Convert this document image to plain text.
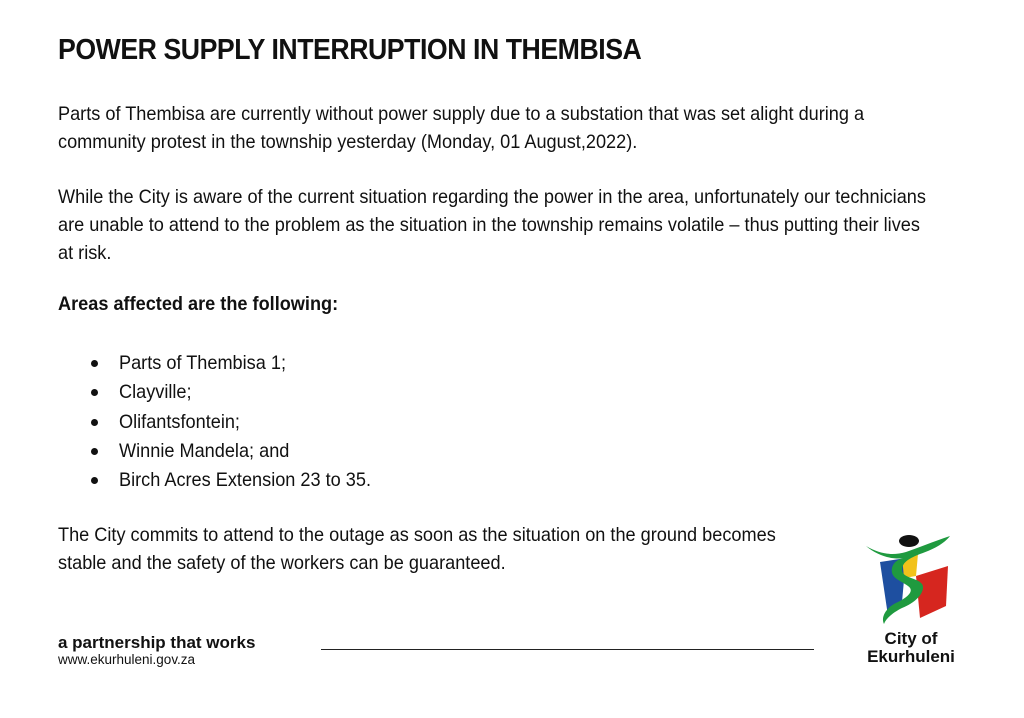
POWER SUPPLY INTERRUPTION IN THEMBISA
Parts of Thembisa are currently without power supply due to a substation that was set alight during a community protest in the township yesterday (Monday, 01 August,2022).
While the City is aware of the current situation regarding the power in the area, unfortunately our technicians are unable to attend to the problem as the situation in the township remains volatile – thus putting their lives at risk.
Areas affected are the following:
Parts of Thembisa 1;
Clayville;
Olifantsfontein;
Winnie Mandela; and
Birch Acres Extension 23 to 35.
The City commits to attend to the outage as soon as the situation on the ground becomes stable and the safety of the workers can be guaranteed.
a partnership that works
www.ekurhuleni.gov.za
City of
Ekurhuleni
